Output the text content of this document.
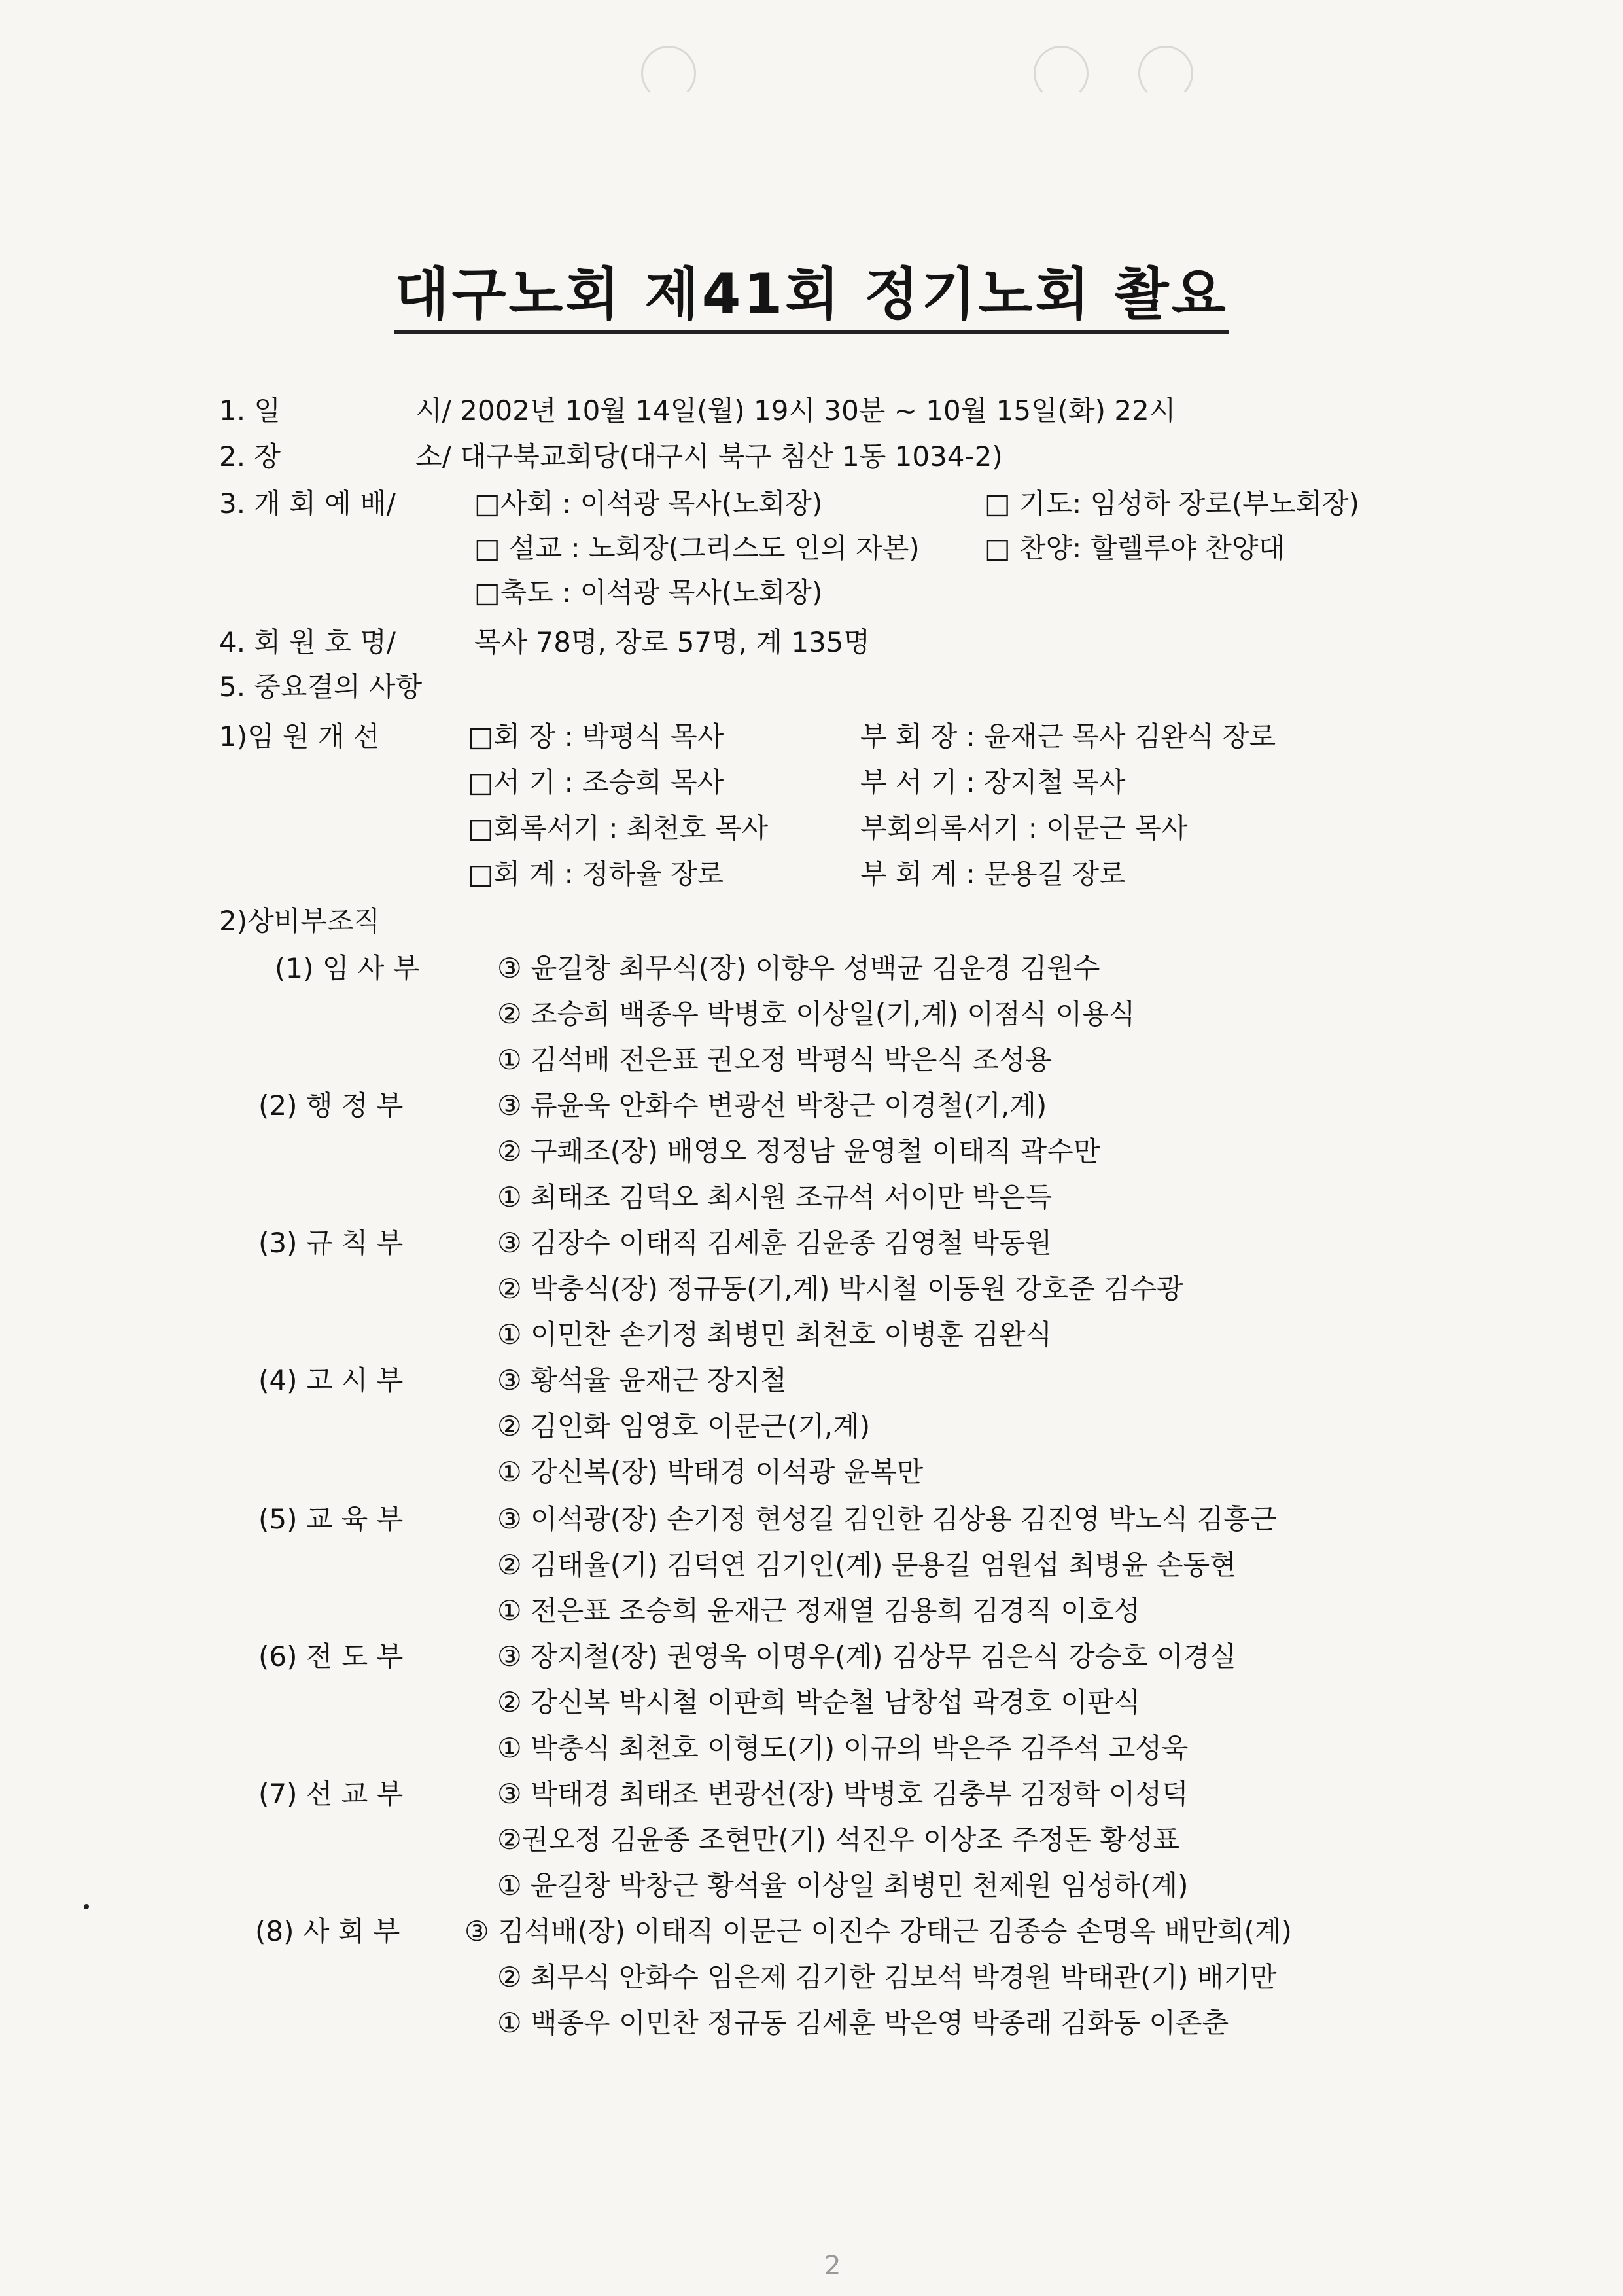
대구노회 제41회 정기노회 촬요
1. 일	시/ 2002년 10월 14일(월) 19시 30분 ~ 10월 15일(화) 22시
2. 장	소/ 대구북교회당(대구시 북구 침산 1동 1034-2)
3. 개 회 예 배/	□사회 : 이석광 목사(노회장)	□ 기도: 임성하 장로(부노회장)
□ 설교 : 노회장(그리스도 인의 자본) □ 찬양: 할렐루야 찬양대
□축도 : 이석광 목사(노회장)
4. 회 원 호 명/	목사 78명, 장로 57명, 계 135명
5. 중요결의 사항
1)임 원 개 선	□회 장 : 박평식 목사	부 회 장 : 윤재근 목사 김완식 장로
□서 기 : 조승희 목사	부 서 기 : 장지철 목사
□회록서기 : 최천호 목사	부회의록서기 : 이문근 목사
□회 계 : 정하율 장로	부 회 계 : 문용길 장로
2)상비부조직
(1) 임 사 부	③ 윤길창 최무식(장) 이향우 성백균 김운경 김원수
② 조승희 백종우 박병호 이상일(기,계) 이점식 이용식
① 김석배 전은표 권오정 박평식 박은식 조성용
(2) 행 정 부	③ 류윤욱 안화수 변광선 박창근 이경철(기,계)
② 구쾌조(장) 배영오 정정남 윤영철 이태직 곽수만
① 최태조 김덕오 최시원 조규석 서이만 박은득
(3) 규 칙 부	③ 김장수 이태직 김세훈 김윤종 김영철 박동원
② 박충식(장) 정규동(기,계) 박시철 이동원 강호준 김수광
① 이민찬 손기정 최병민 최천호 이병훈 김완식
(4) 고 시 부	③ 황석율 윤재근 장지철
② 김인화 임영호 이문근(기,계)
① 강신복(장) 박태경 이석광 윤복만
(5) 교 육 부	③ 이석광(장) 손기정 현성길 김인한 김상용 김진영 박노식 김흥근
② 김태율(기) 김덕연 김기인(계) 문용길 엄원섭 최병윤 손동현
① 전은표 조승희 윤재근 정재열 김용희 김경직 이호성
(6) 전 도 부	③ 장지철(장) 권영욱 이명우(계) 김상무 김은식 강승호 이경실
② 강신복 박시철 이판희 박순철 남창섭 곽경호 이판식
① 박충식 최천호 이형도(기) 이규의 박은주 김주석 고성욱
(7) 선 교 부	③ 박태경 최태조 변광선(장) 박병호 김충부 김정학 이성덕
②권오정 김윤종 조현만(기) 석진우 이상조 주정돈 황성표
① 윤길창 박창근 황석율 이상일 최병민 천제원 임성하(계)
(8) 사 회 부 ③ 김석배(장) 이태직 이문근 이진수 강태근 김종승 손명옥 배만희(계)
② 최무식 안화수 임은제 김기한 김보석 박경원 박태관(기) 배기만
① 백종우 이민찬 정규동 김세훈 박은영 박종래 김화동 이존춘
2
